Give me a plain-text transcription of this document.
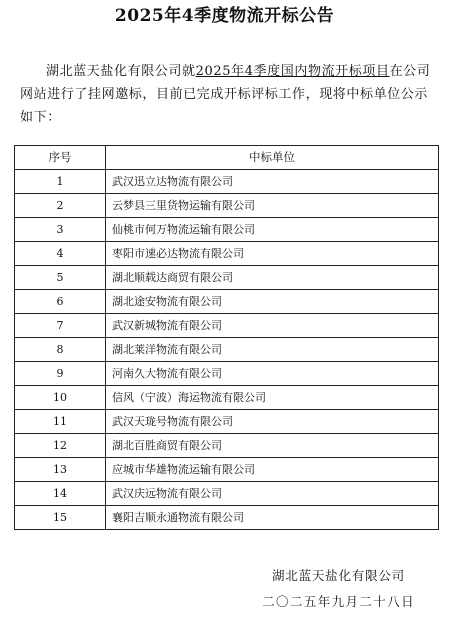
2025年4季度物流开标公告

湖北蓝天盐化有限公司就2025年4季度国内物流开标项目在公司网站进行了挂网邀标，目前已完成开标评标工作，现将中标单位公示如下：

序号	中标单位
1	武汉迅立达物流有限公司
2	云梦县三里货物运输有限公司
3	仙桃市何万物流运输有限公司
4	枣阳市速必达物流有限公司
5	湖北顺载达商贸有限公司
6	湖北途安物流有限公司
7	武汉新城物流有限公司
8	湖北莱洋物流有限公司
9	河南久大物流有限公司
10	信风（宁波）海运物流有限公司
11	武汉天珑号物流有限公司
12	湖北百胜商贸有限公司
13	应城市华雄物流运输有限公司
14	武汉庆远物流有限公司
15	襄阳吉顺永通物流有限公司

湖北蓝天盐化有限公司

二〇二五年九月二十八日
